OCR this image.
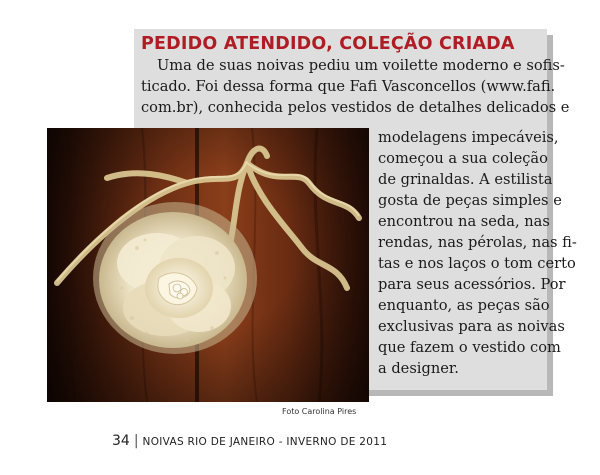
PEDIDO ATENDIDO, COLEÇÃO CRIADA
Uma de suas noivas pediu um voilette moderno e sofis-
ticado. Foi dessa forma que Fafi Vasconcellos (www.fafi.
com.br), conhecida pelos vestidos de detalhes delicados e
modelagens impecáveis,
começou a sua coleção
de grinaldas. A estilista
gosta de peças simples e
encontrou na seda, nas
rendas, nas pérolas, nas fi-
tas e nos laços o tom certo
para seus acessórios. Por
enquanto, as peças são
exclusivas para as noivas
que fazem o vestido com
a designer.
Foto Carolina Pires
34 | NOIVAS RIO DE JANEIRO - INVERNO DE 2011
